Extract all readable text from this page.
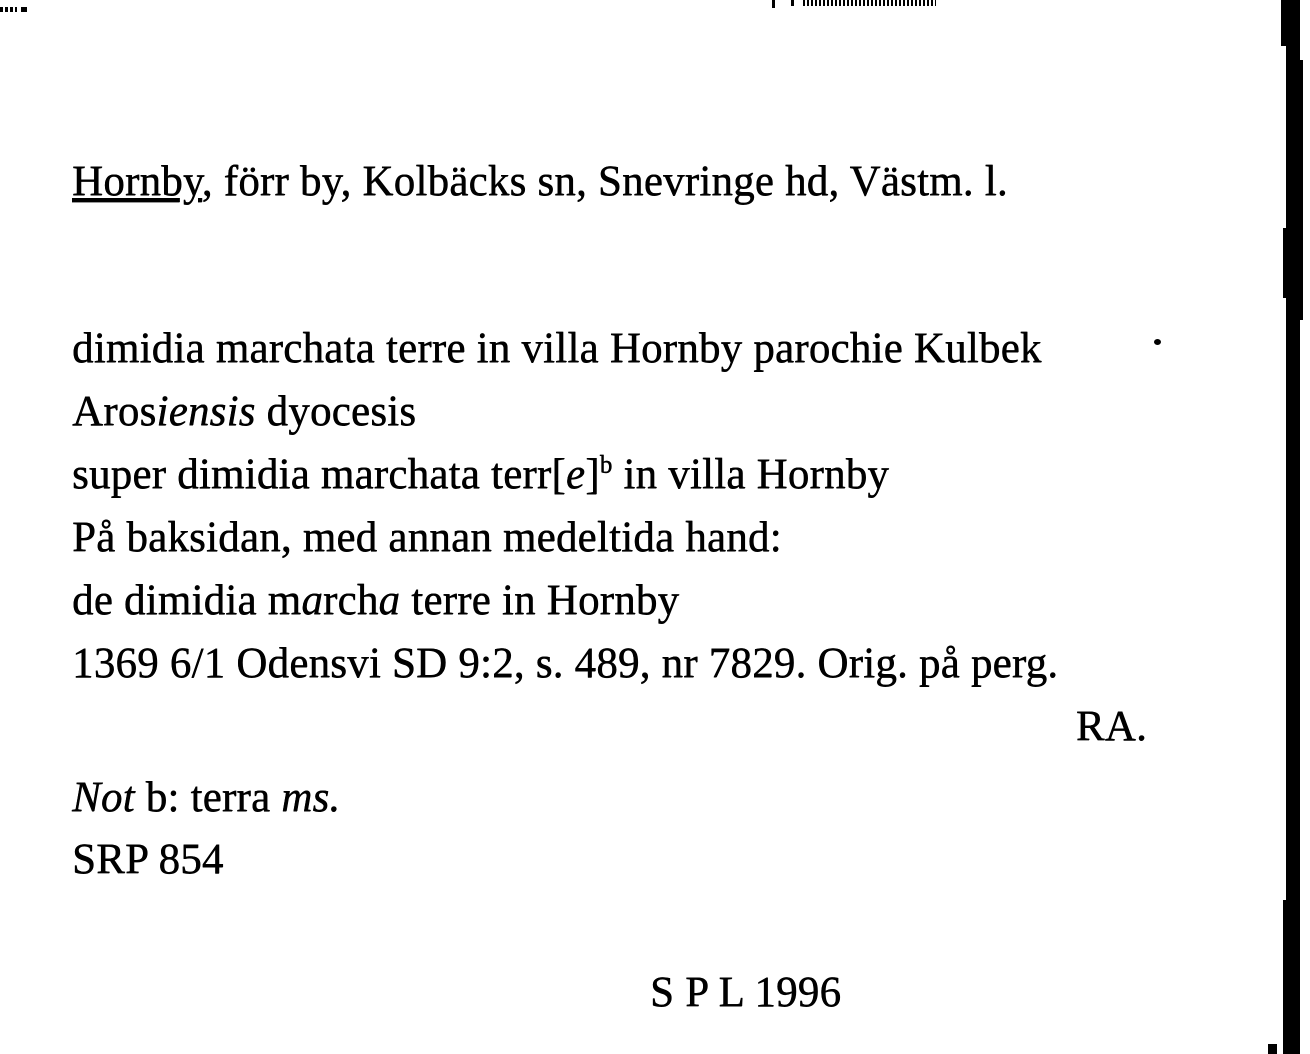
Hornby, förr by, Kolbäcks sn, Snevringe hd, Västm. l.
dimidia marchata terre in villa Hornby parochie Kulbek
Arosiensis dyocesis
super dimidia marchata $terr[e]^b$ in villa Hornby
På baksidan, med annan medeltida hand:
de dimidia marcha terre in Hornby
1369 6/1 Odensvi SD 9:2, s. 489, nr 7829. Orig. på perg.
RA.
Not b: terra ms.
SRP 854
S P L 1996
